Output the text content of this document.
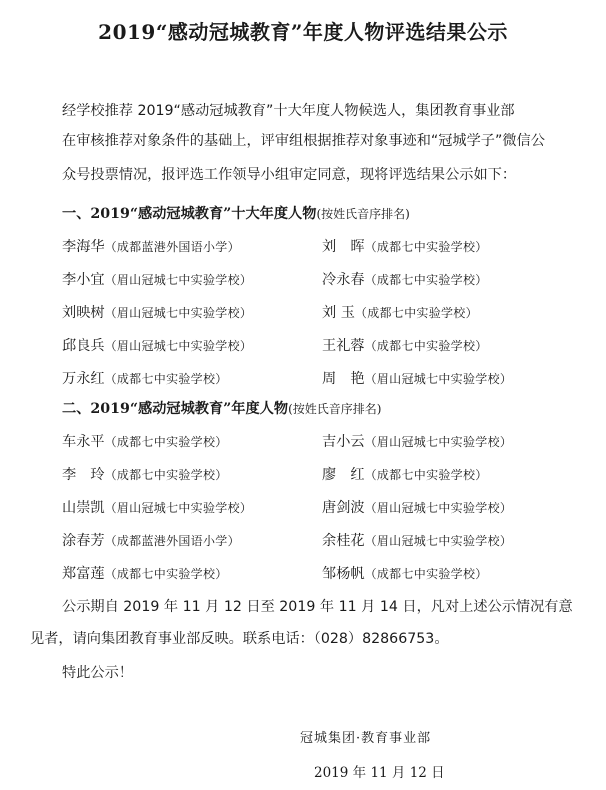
2019“感动冠城教育”年度人物评选结果公示
经学校推荐 2019“感动冠城教育”十大年度人物候选人，集团教育事业部
在审核推荐对象条件的基础上，评审组根据推荐对象事迹和“冠城学子”微信公
众号投票情况，报评选工作领导小组审定同意，现将评选结果公示如下：
一、2019“感动冠城教育”十大年度人物(按姓氏音序排名)
李海华（成都蓝港外国语小学）	刘　晖（成都七中实验学校）
李小宜（眉山冠城七中实验学校）	冷永春（成都七中实验学校）
刘映树（眉山冠城七中实验学校）	刘 玉（成都七中实验学校）
邱良兵（眉山冠城七中实验学校）	王礼蓉（成都七中实验学校）
万永红（成都七中实验学校）	周　艳（眉山冠城七中实验学校）
二、2019“感动冠城教育”年度人物(按姓氏音序排名)
车永平（成都七中实验学校）	吉小云（眉山冠城七中实验学校）
李　玲（成都七中实验学校）	廖　红（成都七中实验学校）
山崇凯（眉山冠城七中实验学校）	唐剑波（眉山冠城七中实验学校）
涂春芳（成都蓝港外国语小学）	余桂花（眉山冠城七中实验学校）
郑富莲（成都七中实验学校）	邹杨帆（成都七中实验学校）
公示期自 2019 年 11 月 12 日至 2019 年 11 月 14 日，凡对上述公示情况有意
见者，请向集团教育事业部反映。联系电话：（028）82866753。
特此公示！
冠城集团·教育事业部
2019 年 11 月 12 日
